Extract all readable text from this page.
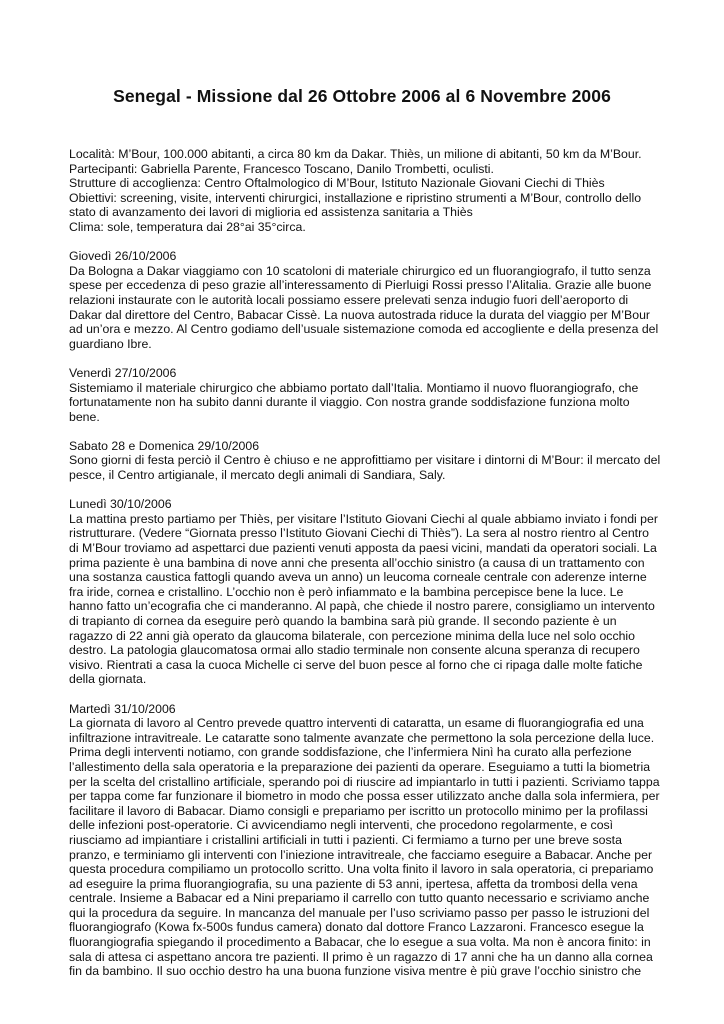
Senegal - Missione dal 26 Ottobre 2006 al 6 Novembre 2006
Località: M’Bour, 100.000 abitanti, a circa 80 km da Dakar. Thiès, un milione di abitanti, 50 km da M’Bour.
Partecipanti: Gabriella Parente, Francesco Toscano, Danilo Trombetti, oculisti.
Strutture di accoglienza: Centro Oftalmologico di M’Bour, Istituto Nazionale Giovani Ciechi di Thiès
Obiettivi: screening, visite, interventi chirurgici, installazione e ripristino strumenti a M’Bour, controllo dello
stato di avanzamento dei lavori di miglioria ed assistenza sanitaria a Thiès
Clima: sole, temperatura dai 28°ai 35°circa.
Giovedì 26/10/2006
Da Bologna a Dakar viaggiamo con 10 scatoloni di materiale chirurgico ed un fluorangiografo, il tutto senza
spese per eccedenza di peso grazie all’interessamento di Pierluigi Rossi presso l’Alitalia. Grazie alle buone
relazioni instaurate con le autorità locali possiamo essere prelevati senza indugio fuori dell’aeroporto di
Dakar dal direttore del Centro, Babacar Cissè. La nuova autostrada riduce la durata del viaggio per M’Bour
ad un’ora e mezzo. Al Centro godiamo dell’usuale sistemazione comoda ed accogliente e della presenza del
guardiano Ibre.
Venerdì 27/10/2006
Sistemiamo il materiale chirurgico che abbiamo portato dall’Italia. Montiamo il nuovo fluorangiografo, che
fortunatamente non ha subito danni durante il viaggio. Con nostra grande soddisfazione funziona molto
bene.
Sabato 28 e Domenica 29/10/2006
Sono giorni di festa perciò il Centro è chiuso e ne approfittiamo per visitare i dintorni di M’Bour: il mercato del
pesce, il Centro artigianale, il mercato degli animali di Sandiara, Saly.
Lunedì 30/10/2006
La mattina presto partiamo per Thiès, per visitare l’Istituto Giovani Ciechi al quale abbiamo inviato i fondi per
ristrutturare. (Vedere “Giornata presso l’Istituto Giovani Ciechi di Thiès”). La sera al nostro rientro al Centro
di M’Bour troviamo ad aspettarci due pazienti venuti apposta da paesi vicini, mandati da operatori sociali. La
prima paziente è una bambina di nove anni che presenta all’occhio sinistro (a causa di un trattamento con
una sostanza caustica fattogli quando aveva un anno) un leucoma corneale centrale con aderenze interne
fra iride, cornea e cristallino. L’occhio non è però infiammato e la bambina percepisce bene la luce. Le
hanno fatto un’ecografia che ci manderanno. Al papà, che chiede il nostro parere, consigliamo un intervento
di trapianto di cornea da eseguire però quando la bambina sarà più grande. Il secondo paziente è un
ragazzo di 22 anni già operato da glaucoma bilaterale, con percezione minima della luce nel solo occhio
destro. La patologia glaucomatosa ormai allo stadio terminale non consente alcuna speranza di recupero
visivo. Rientrati a casa la cuoca Michelle ci serve del buon pesce al forno che ci ripaga dalle molte fatiche
della giornata.
Martedì 31/10/2006
La giornata di lavoro al Centro prevede quattro interventi di cataratta, un esame di fluorangiografia ed una
infiltrazione intravitreale. Le cataratte sono talmente avanzate che permettono la sola percezione della luce.
Prima degli interventi notiamo, con grande soddisfazione, che l’infermiera Ninì ha curato alla perfezione
l’allestimento della sala operatoria e la preparazione dei pazienti da operare. Eseguiamo a tutti la biometria
per la scelta del cristallino artificiale, sperando poi di riuscire ad impiantarlo in tutti i pazienti. Scriviamo tappa
per tappa come far funzionare il biometro in modo che possa esser utilizzato anche dalla sola infermiera, per
facilitare il lavoro di Babacar. Diamo consigli e prepariamo per iscritto un protocollo minimo per la profilassi
delle infezioni post-operatorie. Ci avvicendiamo negli interventi, che procedono regolarmente, e così
riusciamo ad impiantiare i cristallini artificiali in tutti i pazienti. Ci fermiamo a turno per une breve sosta
pranzo, e terminiamo gli interventi con l’iniezione intravitreale, che facciamo eseguire a Babacar. Anche per
questa procedura compiliamo un protocollo scritto. Una volta finito il lavoro in sala operatoria, ci prepariamo
ad eseguire la prima fluorangiografia, su una paziente di 53 anni, ipertesa, affetta da trombosi della vena
centrale. Insieme a Babacar ed a Nini prepariamo il carrello con tutto quanto necessario e scriviamo anche
qui la procedura da seguire. In mancanza del manuale per l’uso scriviamo passo per passo le istruzioni del
fluorangiografo (Kowa fx-500s fundus camera) donato dal dottore Franco Lazzaroni. Francesco esegue la
fluorangiografia spiegando il procedimento a Babacar, che lo esegue a sua volta. Ma non è ancora finito: in
sala di attesa ci aspettano ancora tre pazienti. Il primo è un ragazzo di 17 anni che ha un danno alla cornea
fin da bambino. Il suo occhio destro ha una buona funzione visiva mentre è più grave l’occhio sinistro che
